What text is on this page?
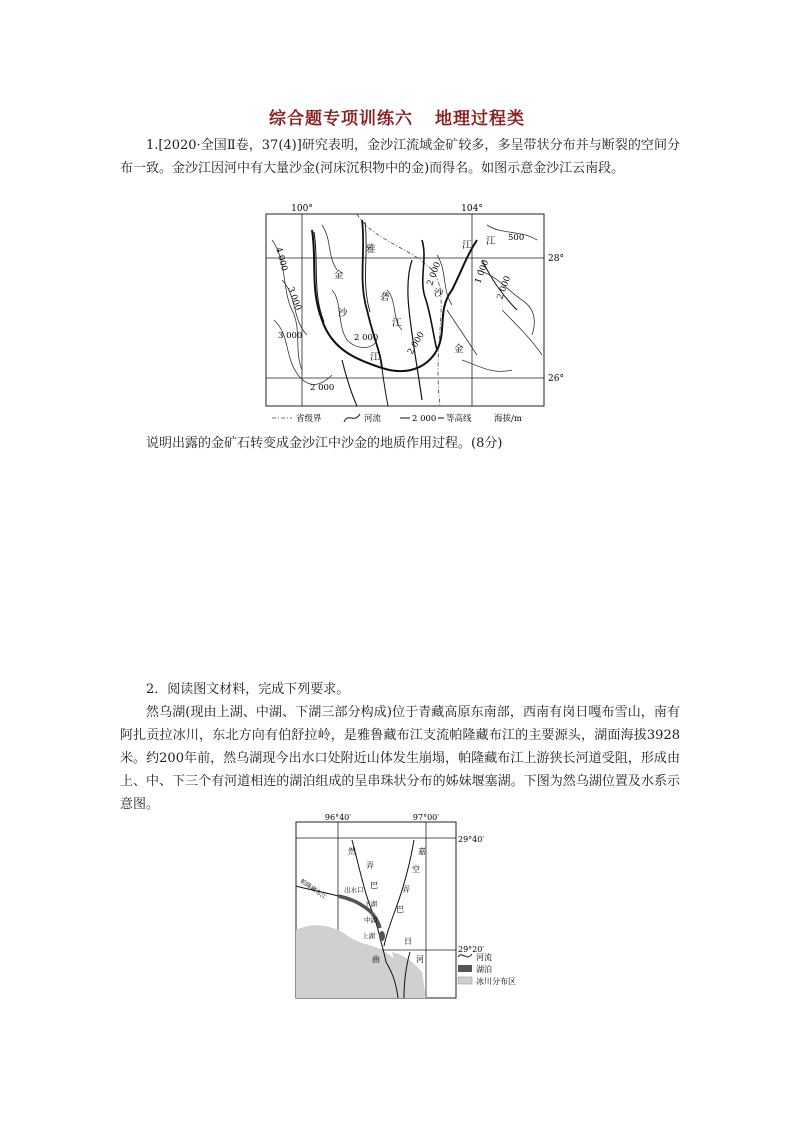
综合题专项训练六 地理过程类
1.[2020·全国Ⅱ卷，37(4)]研究表明，金沙江流域金矿较多，多呈带状分布并与断裂的空间分布一致。金沙江因河中有大量沙金(河床沉积物中的金)而得名。如图示意金沙江云南段。
100°	104°
28°
26°
4 000
3 000
3 000	2 000
2 000
2 000
2 000
1 000
2 000
500
雅
砻
江
金
沙
江
江
金
沙
江
省级界	河流	2 000 等高线	海拔/m
说明出露的金矿石转变成金沙江中沙金的地质作用过程。(8分)
2．阅读图文材料，完成下列要求。
然乌湖(现由上湖、中湖、下湖三部分构成)位于青藏高原东南部，西南有岗日嘎布雪山，南有阿扎贡拉冰川，东北方向有伯舒拉岭，是雅鲁藏布江支流帕隆藏布江的主要源头，湖面海拔3928米。约200年前，然乌湖现今出水口处附近山体发生崩塌，帕隆藏布江上游狭长河道受阻，形成由上、中、下三个有河道相连的湖泊组成的呈串珠状分布的姊妹堰塞湖。下图为然乌湖位置及水系示意图。
96°40′	97°00′
29°40′
29°20′
然
弄
巴
嘉
空
弄
巴
曲
日
河
出水口
下湖
中湖
上湖
帕隆藏布江
河流
湖泊
冰川分布区
